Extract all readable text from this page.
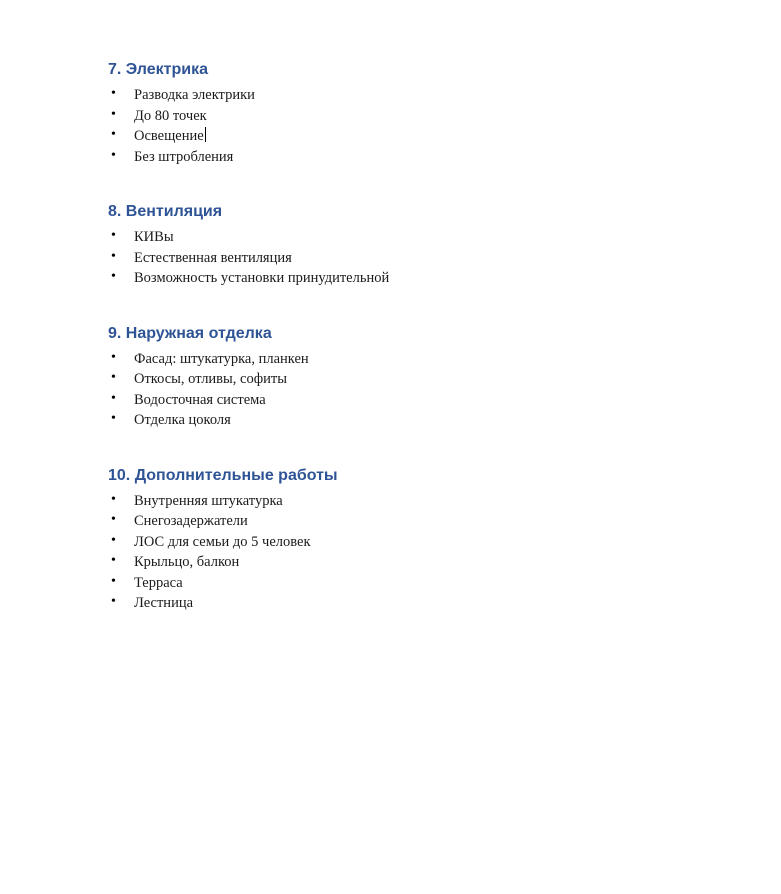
7. Электрика
• Разводка электрики
• До 80 точек
• Освещение
• Без штробления
8. Вентиляция
• КИВы
• Естественная вентиляция
• Возможность установки принудительной
9. Наружная отделка
• Фасад: штукатурка, планкен
• Откосы, отливы, софиты
• Водосточная система
• Отделка цоколя
10. Дополнительные работы
• Внутренняя штукатурка
• Снегозадержатели
• ЛОС для семьи до 5 человек
• Крыльцо, балкон
• Терраса
• Лестница
